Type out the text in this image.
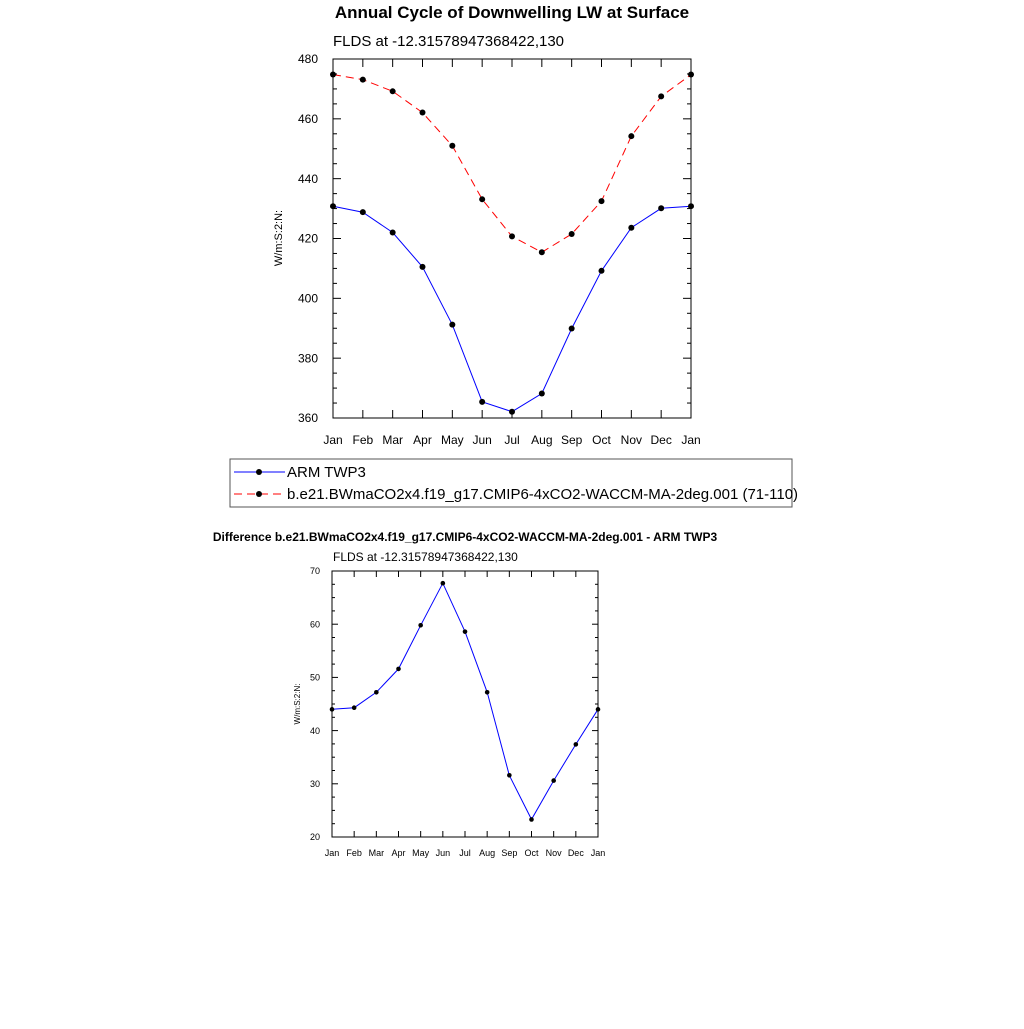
Annual Cycle of Downwelling LW at Surface
FLDS at -12.31578947368422,130
W/m:S:2:N:
Jan Feb Mar Apr May Jun Jul Aug Sep Oct Nov Dec Jan
360
380
400
420
440
460
480
ARM TWP3
b.e21.BWmaCO2x4.f19_g17.CMIP6-4xCO2-WACCM-MA-2deg.001 (71-110)
Difference b.e21.BWmaCO2x4.f19_g17.CMIP6-4xCO2-WACCM-MA-2deg.001 - ARM TWP3
FLDS at -12.31578947368422,130
W/m:S:2:N:
Jan Feb Mar Apr May Jun Jul Aug Sep Oct Nov Dec Jan
20
30
40
50
60
70
